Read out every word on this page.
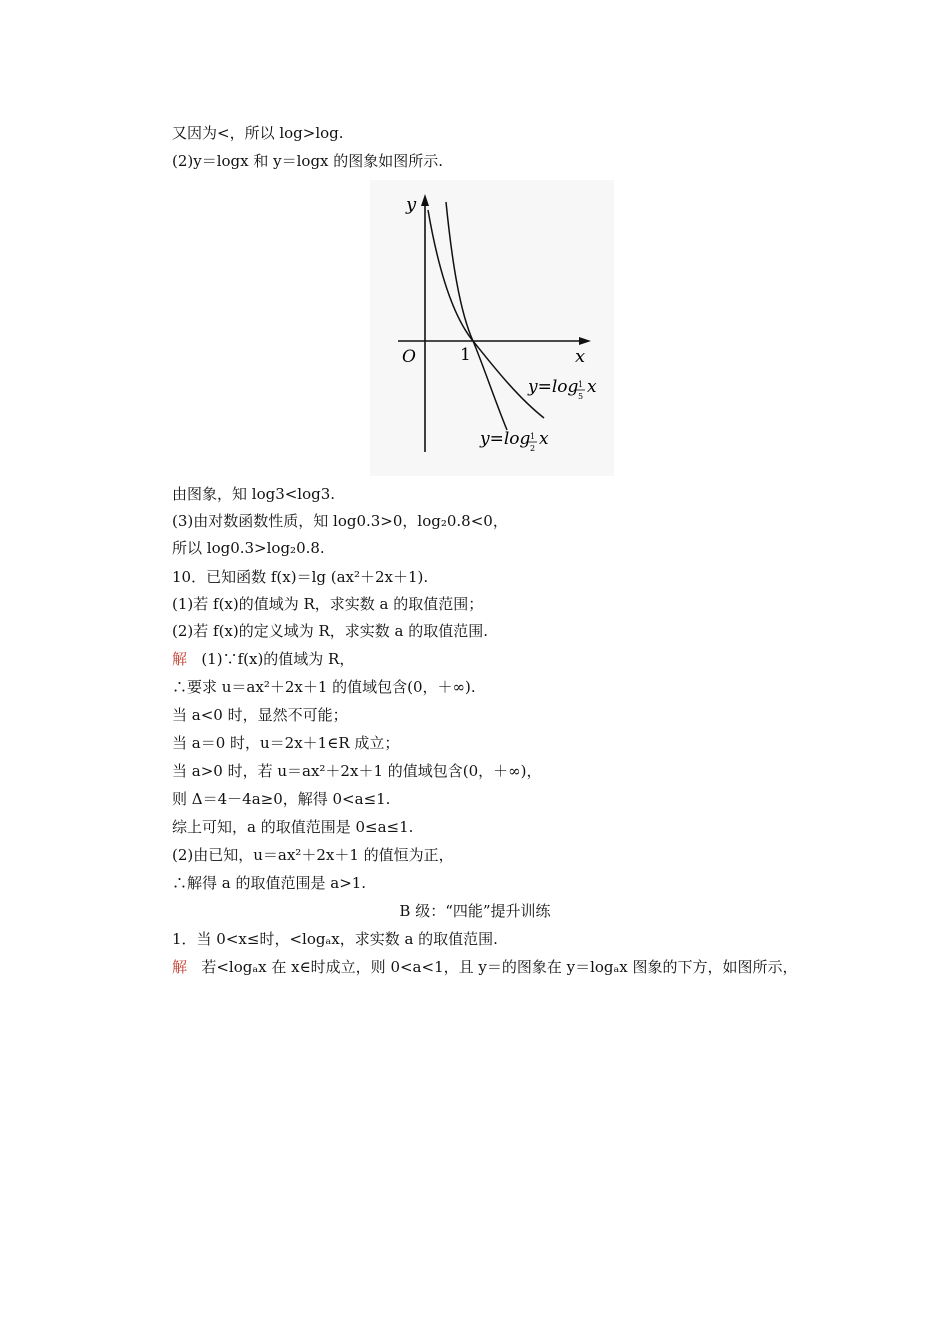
又因为<，所以 log>log.
(2)y＝logx 和 y＝logx 的图象如图所示.
y
x
O	1
y=log 1
5 x
y=log 1
2 x
由图象，知 log3<log3.
(3)由对数函数性质，知 log0.3>0，log₂0.8<0，
所以 log0.3>log₂0.8.
10．已知函数 f(x)＝lg (ax²＋2x＋1).
(1)若 f(x)的值域为 R，求实数 a 的取值范围；
(2)若 f(x)的定义域为 R，求实数 a 的取值范围.
解 (1)∵f(x)的值域为 R，
∴要求 u＝ax²＋2x＋1 的值域包含(0，＋∞).
当 a<0 时，显然不可能；
当 a＝0 时，u＝2x＋1∈R 成立；
当 a>0 时，若 u＝ax²＋2x＋1 的值域包含(0，＋∞)，
则 Δ＝4－4a≥0，解得 0<a≤1.
综上可知，a 的取值范围是 0≤a≤1.
(2)由已知，u＝ax²＋2x＋1 的值恒为正，
∴解得 a 的取值范围是 a>1.
B 级：“四能”提升训练
1．当 0<x≤时，<logₐx，求实数 a 的取值范围.
解 若<logₐx 在 x∈时成立，则 0<a<1，且 y＝的图象在 y＝logₐx 图象的下方，如图所示，
